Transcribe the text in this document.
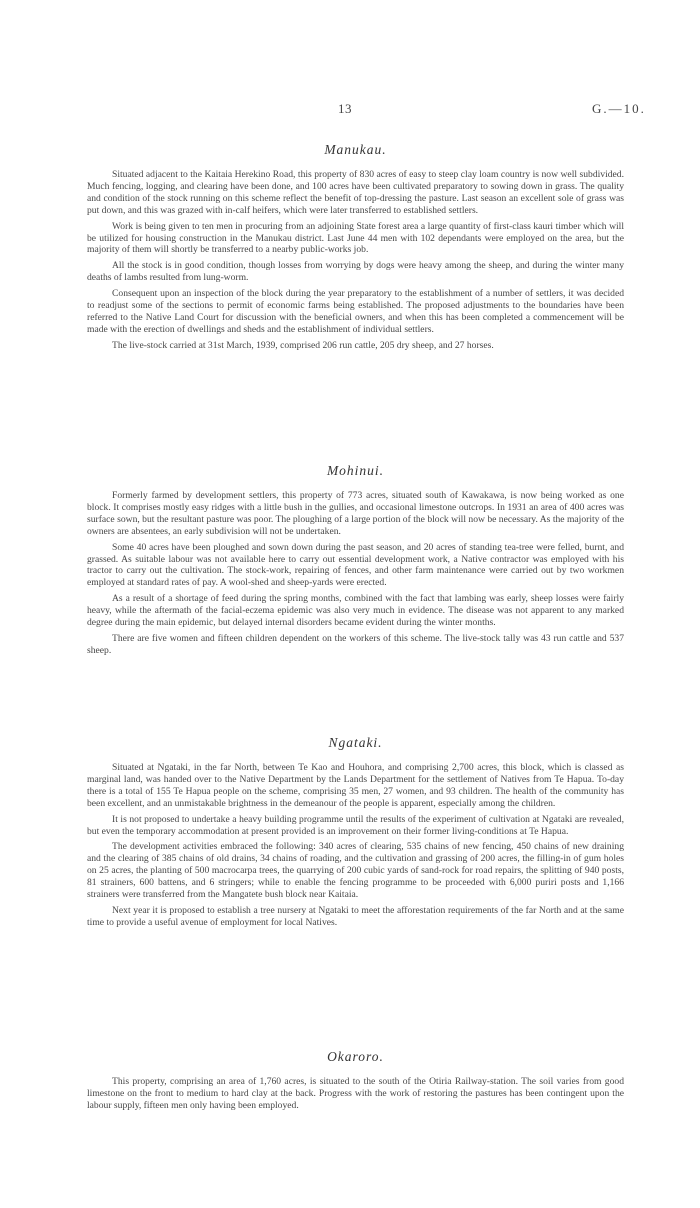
13	G.—10.
Manukau.

Situated adjacent to the Kaitaia Herekino Road, this property of 830 acres of easy to steep clay loam country is now well subdivided. Much fencing, logging, and clearing have been done, and 100 acres have been cultivated preparatory to sowing down in grass. The quality and condition of the stock running on this scheme reflect the benefit of top-dressing the pasture. Last season an excellent sole of grass was put down, and this was grazed with in-calf heifers, which were later transferred to established settlers.

Work is being given to ten men in procuring from an adjoining State forest area a large quantity of first-class kauri timber which will be utilized for housing construction in the Manukau district. Last June 44 men with 102 dependants were employed on the area, but the majority of them will shortly be transferred to a nearby public-works job.

All the stock is in good condition, though losses from worrying by dogs were heavy among the sheep, and during the winter many deaths of lambs resulted from lung-worm.

Consequent upon an inspection of the block during the year preparatory to the establishment of a number of settlers, it was decided to readjust some of the sections to permit of economic farms being established. The proposed adjustments to the boundaries have been referred to the Native Land Court for discussion with the beneficial owners, and when this has been completed a commencement will be made with the erection of dwellings and sheds and the establishment of individual settlers.

The live-stock carried at 31st March, 1939, comprised 206 run cattle, 205 dry sheep, and 27 horses.

Mohinui.

Formerly farmed by development settlers, this property of 773 acres, situated south of Kawakawa, is now being worked as one block. It comprises mostly easy ridges with a little bush in the gullies, and occasional limestone outcrops. In 1931 an area of 400 acres was surface sown, but the resultant pasture was poor. The ploughing of a large portion of the block will now be necessary. As the majority of the owners are absentees, an early subdivision will not be undertaken.

Some 40 acres have been ploughed and sown down during the past season, and 20 acres of standing tea-tree were felled, burnt, and grassed. As suitable labour was not available here to carry out essential development work, a Native contractor was employed with his tractor to carry out the cultivation. The stock-work, repairing of fences, and other farm maintenance were carried out by two workmen employed at standard rates of pay. A wool-shed and sheep-yards were erected.

As a result of a shortage of feed during the spring months, combined with the fact that lambing was early, sheep losses were fairly heavy, while the aftermath of the facial-eczema epidemic was also very much in evidence. The disease was not apparent to any marked degree during the main epidemic, but delayed internal disorders became evident during the winter months.

There are five women and fifteen children dependent on the workers of this scheme. The live-stock tally was 43 run cattle and 537 sheep.

Ngataki.

Situated at Ngataki, in the far North, between Te Kao and Houhora, and comprising 2,700 acres, this block, which is classed as marginal land, was handed over to the Native Department by the Lands Department for the settlement of Natives from Te Hapua. To-day there is a total of 155 Te Hapua people on the scheme, comprising 35 men, 27 women, and 93 children. The health of the community has been excellent, and an unmistakable brightness in the demeanour of the people is apparent, especially among the children.

It is not proposed to undertake a heavy building programme until the results of the experiment of cultivation at Ngataki are revealed, but even the temporary accommodation at present provided is an improvement on their former living-conditions at Te Hapua.

The development activities embraced the following: 340 acres of clearing, 535 chains of new fencing, 450 chains of new draining and the clearing of 385 chains of old drains, 34 chains of roading, and the cultivation and grassing of 200 acres, the filling-in of gum holes on 25 acres, the planting of 500 macrocarpa trees, the quarrying of 200 cubic yards of sand-rock for road repairs, the splitting of 940 posts, 81 strainers, 600 battens, and 6 stringers; while to enable the fencing programme to be proceeded with 6,000 puriri posts and 1,166 strainers were transferred from the Mangatete bush block near Kaitaia.

Next year it is proposed to establish a tree nursery at Ngataki to meet the afforestation requirements of the far North and at the same time to provide a useful avenue of employment for local Natives.

Okaroro.

This property, comprising an area of 1,760 acres, is situated to the south of the Otiria Railway-station. The soil varies from good limestone on the front to medium to hard clay at the back. Progress with the work of restoring the pastures has been contingent upon the labour supply, fifteen men only having been employed.
